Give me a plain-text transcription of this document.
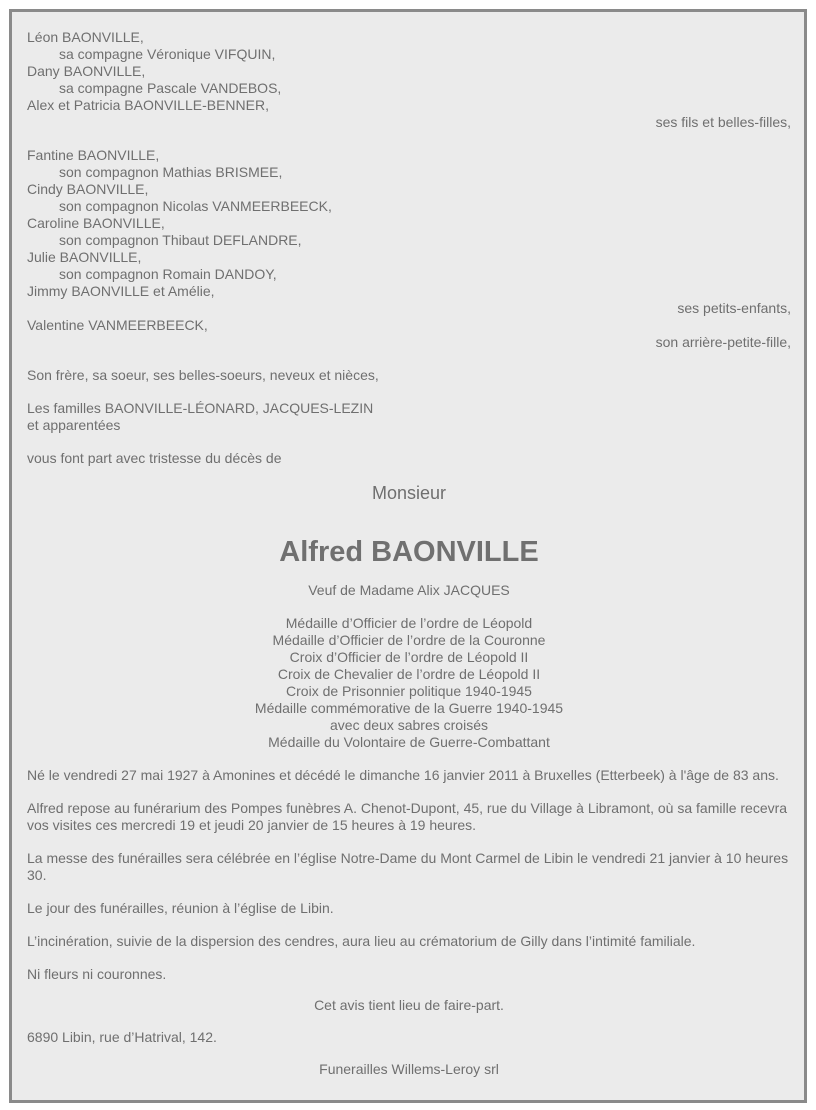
Léon BAONVILLE,
sa compagne Véronique VIFQUIN,
Dany BAONVILLE,
sa compagne Pascale VANDEBOS,
Alex et Patricia BAONVILLE-BENNER,
ses fils et belles-filles,
Fantine BAONVILLE,
son compagnon Mathias BRISMEE,
Cindy BAONVILLE,
son compagnon Nicolas VANMEERBEECK,
Caroline BAONVILLE,
son compagnon Thibaut DEFLANDRE,
Julie BAONVILLE,
son compagnon Romain DANDOY,
Jimmy BAONVILLE et Amélie,
ses petits-enfants,
Valentine VANMEERBEECK,
son arrière-petite-fille,
Son frère, sa soeur, ses belles-soeurs, neveux et nièces,
Les familles BAONVILLE-LÉONARD, JACQUES-LEZIN
et apparentées
vous font part avec tristesse du décès de
Monsieur
Alfred BAONVILLE
Veuf de Madame Alix JACQUES
Médaille d’Officier de l’ordre de Léopold
Médaille d’Officier de l’ordre de la Couronne
Croix d’Officier de l’ordre de Léopold II
Croix de Chevalier de l’ordre de Léopold II
Croix de Prisonnier politique 1940-1945
Médaille commémorative de la Guerre 1940-1945
avec deux sabres croisés
Médaille du Volontaire de Guerre-Combattant
Né le vendredi 27 mai 1927 à Amonines et décédé le dimanche 16 janvier 2011 à Bruxelles (Etterbeek) à l'âge de 83 ans.
Alfred repose au funérarium des Pompes funèbres A. Chenot-Dupont, 45, rue du Village à Libramont, où sa famille recevra vos visites ces mercredi 19 et jeudi 20 janvier de 15 heures à 19 heures.
La messe des funérailles sera célébrée en l’église Notre-Dame du Mont Carmel de Libin le vendredi 21 janvier à 10 heures 30.
Le jour des funérailles, réunion à l’église de Libin.
L’incinération, suivie de la dispersion des cendres, aura lieu au crématorium de Gilly dans l’intimité familiale.
Ni fleurs ni couronnes.
Cet avis tient lieu de faire-part.
6890 Libin, rue d’Hatrival, 142.
Funerailles Willems-Leroy srl
